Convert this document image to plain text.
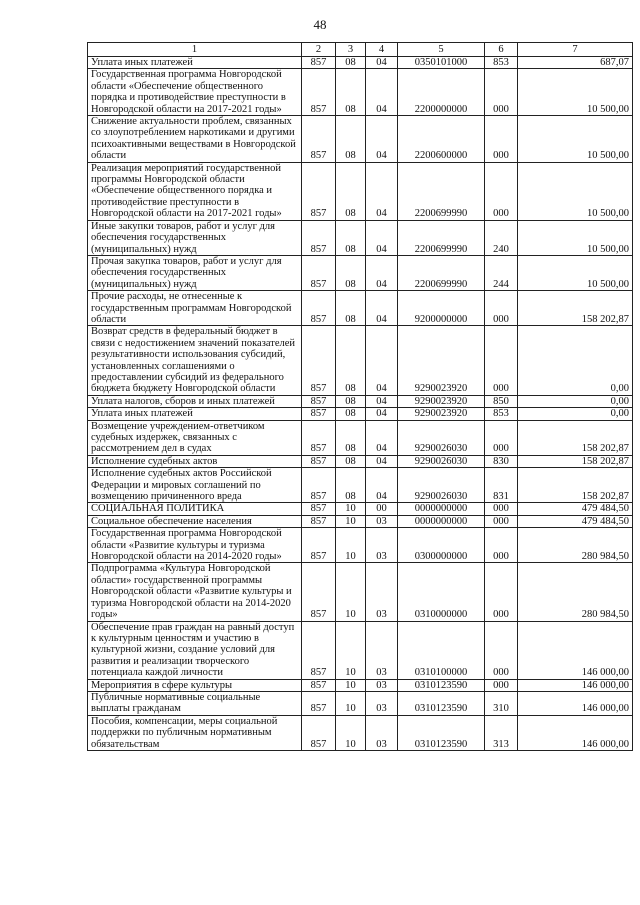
48
1	2	3	4	5	6	7
Уплата иных платежей	857	08	04	0350101000	853	687,07
Государственная программа Новгородской области «Обеспечение общественного порядка и противодействие преступности в Новгородской области на 2017-2021 годы»	857	08	04	2200000000	000	10 500,00
Снижение актуальности проблем, связанных со злоупотреблением наркотиками и другими психоактивными веществами в Новгородской области	857	08	04	2200600000	000	10 500,00
Реализация мероприятий государственной программы Новгородской области «Обеспечение общественного порядка и противодействие преступности в Новгородской области на 2017-2021 годы»	857	08	04	2200699990	000	10 500,00
Иные закупки товаров, работ и услуг для обеспечения государственных (муниципальных) нужд	857	08	04	2200699990	240	10 500,00
Прочая закупка товаров, работ и услуг для обеспечения государственных (муниципальных) нужд	857	08	04	2200699990	244	10 500,00
Прочие расходы, не отнесенные к государственным программам Новгородской области	857	08	04	9200000000	000	158 202,87
Возврат средств в федеральный бюджет в связи с недостижением значений показателей результативности использования субсидий, установленных соглашениями о предоставлении субсидий из федерального бюджета бюджету Новгородской области	857	08	04	9290023920	000	0,00
Уплата налогов, сборов и иных платежей	857	08	04	9290023920	850	0,00
Уплата иных платежей	857	08	04	9290023920	853	0,00
Возмещение учреждением-ответчиком судебных издержек, связанных с рассмотрением дел в судах	857	08	04	9290026030	000	158 202,87
Исполнение судебных актов	857	08	04	9290026030	830	158 202,87
Исполнение судебных актов Российской Федерации и мировых соглашений по возмещению причиненного вреда	857	08	04	9290026030	831	158 202,87
СОЦИАЛЬНАЯ ПОЛИТИКА	857	10	00	0000000000	000	479 484,50
Социальное обеспечение населения	857	10	03	0000000000	000	479 484,50
Государственная программа Новгородской области «Развитие культуры и туризма Новгородской области на 2014-2020 годы»	857	10	03	0300000000	000	280 984,50
Подпрограмма «Культура Новгородской области» государственной программы Новгородской области «Развитие культуры и туризма Новгородской области на 2014-2020 годы»	857	10	03	0310000000	000	280 984,50
Обеспечение прав граждан на равный доступ к культурным ценностям и участию в культурной жизни, создание условий для развития и реализации творческого потенциала каждой личности	857	10	03	0310100000	000	146 000,00
Мероприятия в сфере культуры	857	10	03	0310123590	000	146 000,00
Публичные нормативные социальные выплаты гражданам	857	10	03	0310123590	310	146 000,00
Пособия, компенсации, меры социальной поддержки по публичным нормативным обязательствам	857	10	03	0310123590	313	146 000,00
